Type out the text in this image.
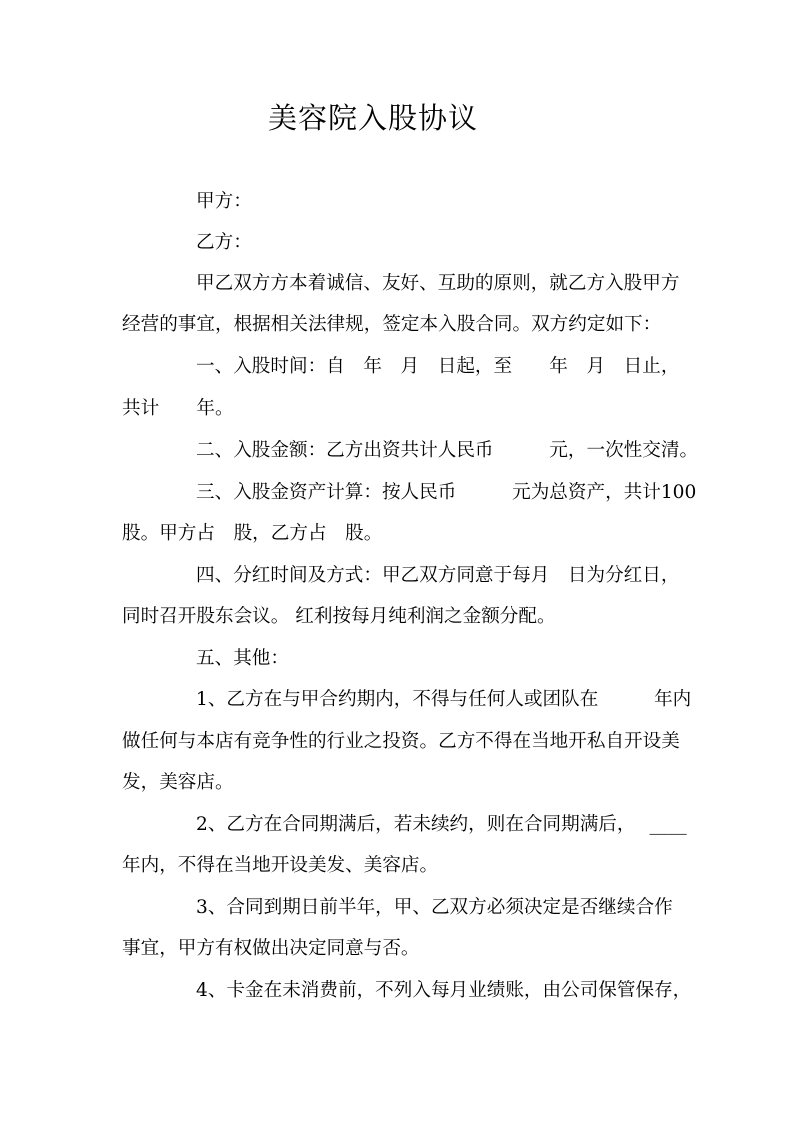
美容院入股协议
甲方：
乙方：
甲乙双方方本着诚信、友好、互助的原则，就乙方入股甲方
经营的事宜，根据相关法律规，签定本入股合同。双方约定如下：
一、入股时间：自　年　月　日起，至　　年　月　日止，
共计　　年。
二、入股金额：乙方出资共计人民币　　　元，一次性交清。
三、入股金资产计算：按人民币　　　元为总资产，共计100
股。甲方占　股，乙方占　股。
四、分红时间及方式：甲乙双方同意于每月　日为分红日，
同时召开股东会议。 红利按每月纯利润之金额分配。
五、其他：
1、乙方在与甲合约期内，不得与任何人或团队在　　　年内
做任何与本店有竞争性的行业之投资。乙方不得在当地开私自开设美
发，美容店。
2、乙方在合同期满后，若未续约，则在合同期满后， ____
年内，不得在当地开设美发、美容店。
3、合同到期日前半年，甲、乙双方必须决定是否继续合作
事宜，甲方有权做出决定同意与否。
4、卡金在未消费前，不列入每月业绩账，由公司保管保存，
